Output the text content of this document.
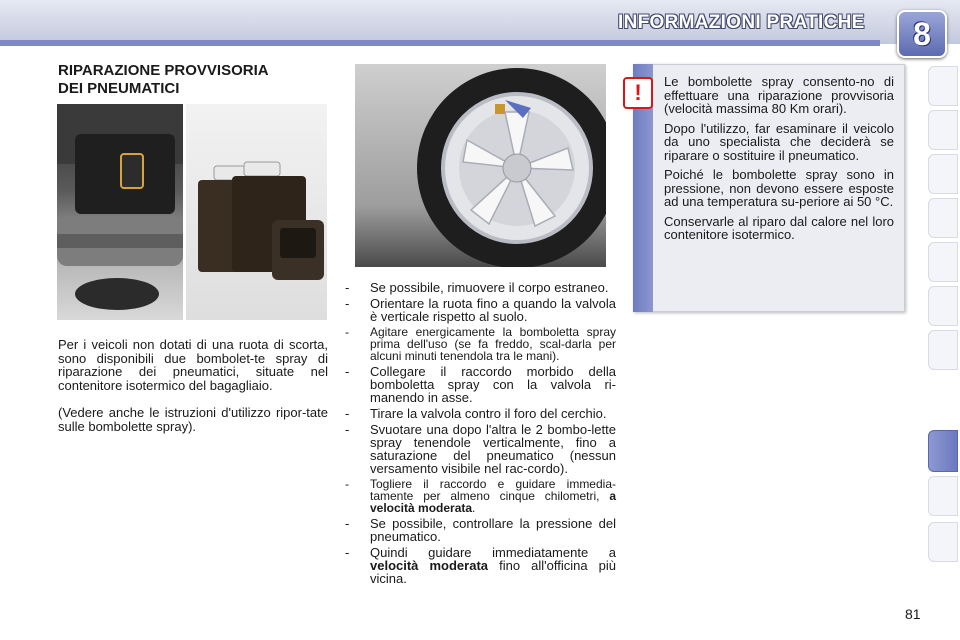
INFORMAZIONI PRATICHE	8
RIPARAZIONE PROVVISORIA
DEI PNEUMATICI
Per i veicoli non dotati di una ruota di scorta, sono disponibili due bombolet-te spray di riparazione dei pneumatici, situate nel contenitore isotermico del bagagliaio.
(Vedere anche le istruzioni d'utilizzo ripor-tate sulle bombolette spray).
- Se possibile, rimuovere il corpo estraneo.
- Orientare la ruota fino a quando la valvola è verticale rispetto al suolo.
- Agitare energicamente la bomboletta spray prima dell'uso (se fa freddo, scal-darla per alcuni minuti tenendola tra le mani).
- Collegare il raccordo morbido della bomboletta spray con la valvola ri-manendo in asse.
- Tirare la valvola contro il foro del cerchio.
- Svuotare una dopo l'altra le 2 bombo-lette spray tenendole verticalmente, fino a saturazione del pneumatico (nessun versamento visibile nel rac-cordo).
- Togliere il raccordo e guidare immedia-tamente per almeno cinque chilometri, a velocità moderata.
- Se possibile, controllare la pressione del pneumatico.
- Quindi guidare immediatamente a velocità moderata fino all'officina più vicina.
!	Le bombolette spray consento-no di effettuare una riparazione provvisoria (velocità massima 80 Km orari).

Dopo l'utilizzo, far esaminare il veicolo da uno specialista che deciderà se riparare o sostituire il pneumatico.

Poiché le bombolette spray sono in pressione, non devono essere esposte ad una temperatura su-periore ai 50 °C.

Conservarle al riparo dal calore nel loro contenitore isotermico.

81
